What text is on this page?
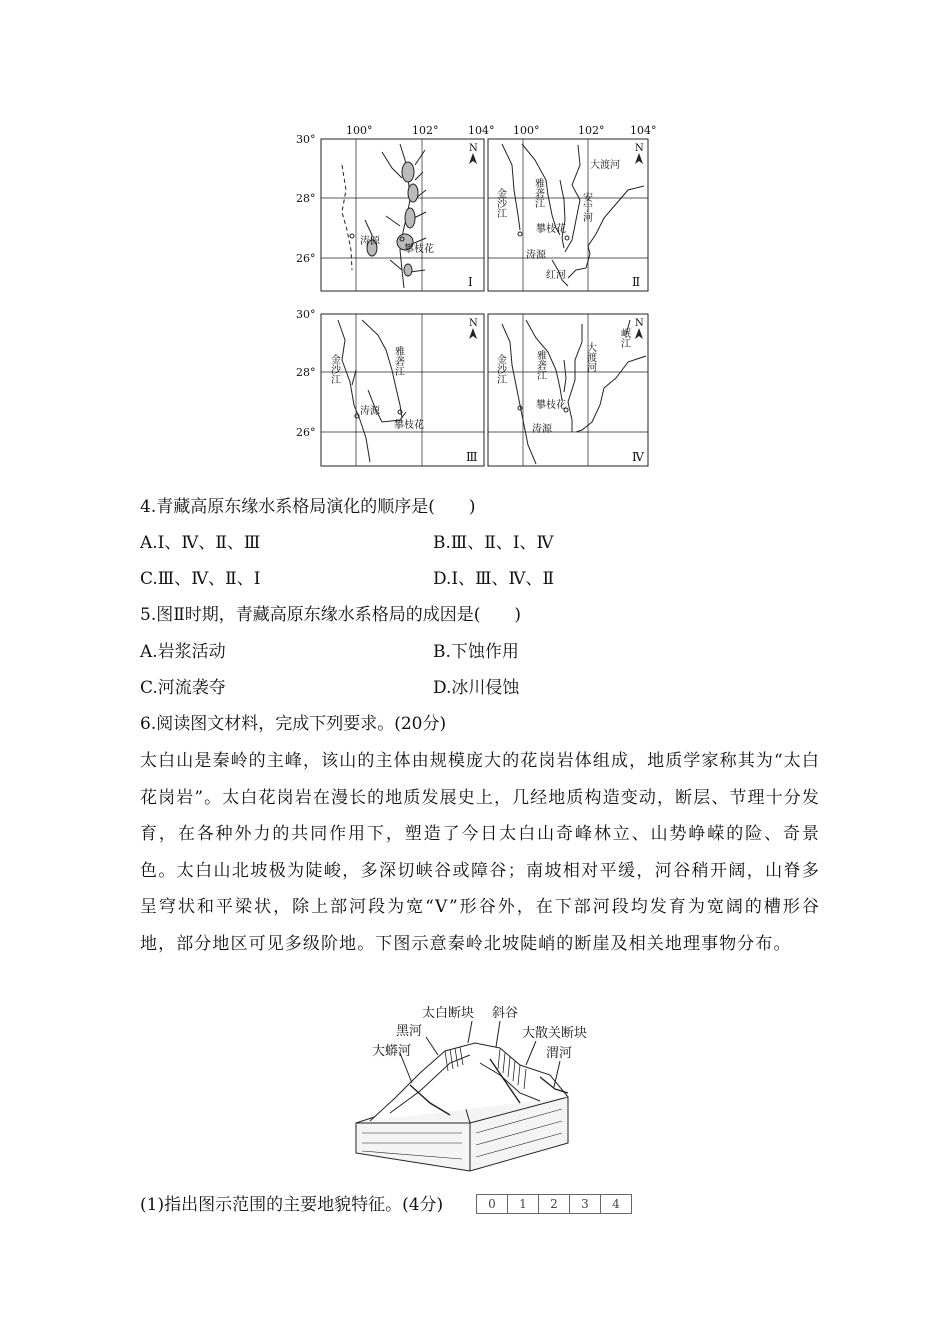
100°	102°	104° 100°	102° 104°
30°
28°
26°
30°
28°
26°
N	N
N	N
Ⅰ	Ⅱ
Ⅲ	Ⅳ
涛源
攀枝花
金沙江	雅砻江
大渡河
安宁河
攀枝花
涛源
红河
金沙江	雅砻江
涛源
攀枝花
金沙江	雅砻江	大渡河
岷江
攀枝花
涛源
4.青藏高原东缘水系格局演化的顺序是(　　)
A.Ⅰ、Ⅳ、Ⅱ、Ⅲ	B.Ⅲ、Ⅱ、Ⅰ、Ⅳ
C.Ⅲ、Ⅳ、Ⅱ、Ⅰ	D.Ⅰ、Ⅲ、Ⅳ、Ⅱ
5.图Ⅱ时期，青藏高原东缘水系格局的成因是(　　)
A.岩浆活动	B.下蚀作用
C.河流袭夺	D.冰川侵蚀
6.阅读图文材料，完成下列要求。(20分)
太白山是秦岭的主峰，该山的主体由规模庞大的花岗岩体组成，地质学家称其为“太白花岗岩”。太白花岗岩在漫长的地质发展史上，几经地质构造变动，断层、节理十分发育，在各种外力的共同作用下，塑造了今日太白山奇峰林立、山势峥嵘的险、奇景色。太白山北坡极为陡峻，多深切峡谷或障谷；南坡相对平缓，河谷稍开阔，山脊多呈穹状和平梁状，除上部河段为宽“V”形谷外，在下部河段均发育为宽阔的槽形谷地，部分地区可见多级阶地。下图示意秦岭北坡陡峭的断崖及相关地理事物分布。
太白断块 斜谷
黑河	大散关断块
大蟒河	渭河
(1)指出图示范围的主要地貌特征。(4分)	0	1	2	3	4
